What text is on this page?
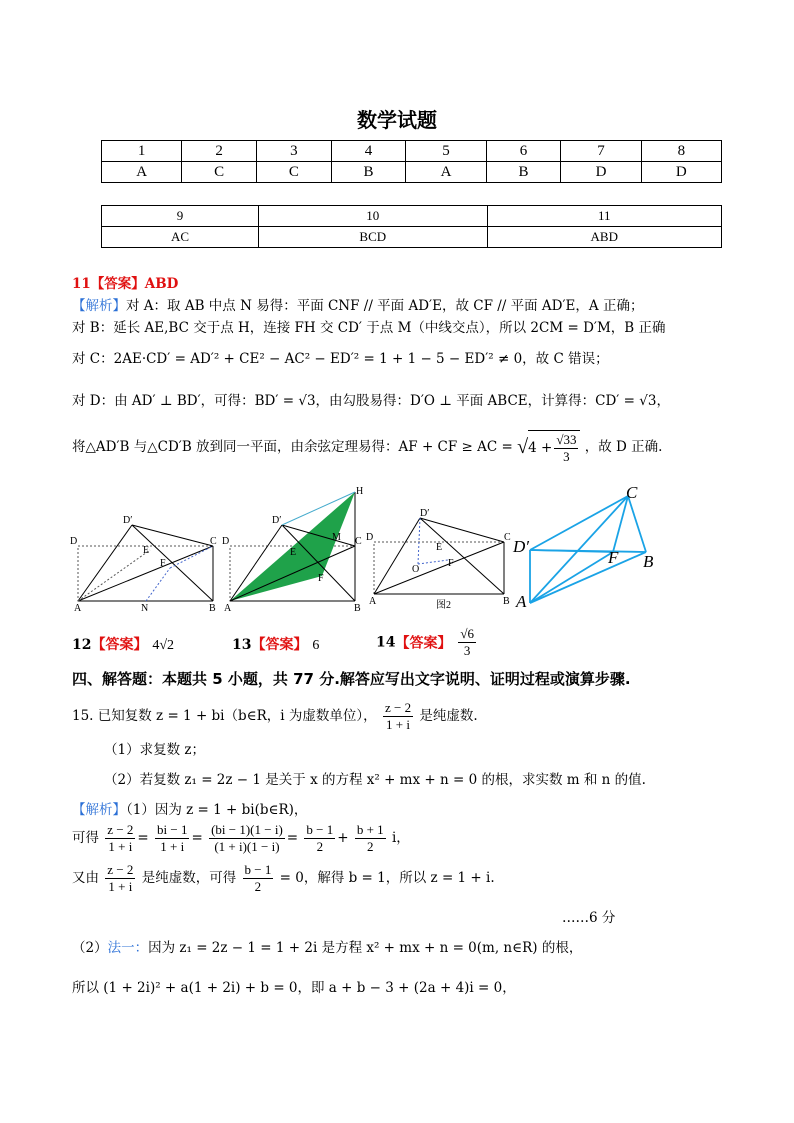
数学试题
1	2	3	4	5	6	7	8
A	C	C	B	A	B	D	D
9	10	11
AC	BCD	ABD
11【答案】ABD
【解析】对 A：取 AB 中点 N 易得：平面 CNF // 平面 AD′E，故 CF // 平面 AD′E，A 正确；
对 B：延长 AE,BC 交于点 H，连接 FH 交 CD′ 于点 M（中线交点），所以 2CM = D′M，B 正确
对 C：2AE·CD′ = AD′² + CE² − AC² − ED′² = 1 + 1 − 5 − ED′² ≠ 0，故 C 错误；
对 D：由 AD′ ⊥ BD′，可得：BD′ = √3，由勾股易得：D′O ⊥ 平面 ABCE，计算得：CD′ = √3，
将△AD′B 与△CD′B 放到同一平面，由余弦定理易得：AF + CF ≥ AC = $√4 + \frac{√33}{3}$ ，故 D 正确.
D′
D	C
E
F
A	N	B
D′
D	C
H
M
E
F
A	B
D′
D	C
E
O
F
A	B
图2
C
D′
F B
A
12【答案】 4√2	13【答案】 6	14【答案】 $\frac{√6}{3}$
四、解答题：本题共 5 小题，共 77 分.解答应写出文字说明、证明过程或演算步骤.
15. 已知复数 z = 1 + bi（b∈R，i 为虚数单位）， $\frac{z - 2}{1 + i}$ 是纯虚数.
（1）求复数 z；
（2）若复数 z₁ = 2z − 1 是关于 x 的方程 x² + mx + n = 0 的根，求实数 m 和 n 的值.
【解析】（1）因为 z = 1 + bi(b∈R)，
可得 $\frac{z - 2}{1 + i} = \frac{bi - 1}{1 + i} = \frac{(bi - 1)(1 - i)}{(1 + i)(1 - i)} = \frac{b - 1}{2} + \frac{b + 1}{2}$ i，
又由 $\frac{z - 2}{1 + i}$ 是纯虚数，可得 $\frac{b - 1}{2} = 0$，解得 b = 1，所以 z = 1 + i.
……6 分
（2）法一：因为 z₁ = 2z − 1 = 1 + 2i 是方程 x² + mx + n = 0(m, n∈R) 的根，
所以 (1 + 2i)² + a(1 + 2i) + b = 0，即 a + b − 3 + (2a + 4)i = 0，
